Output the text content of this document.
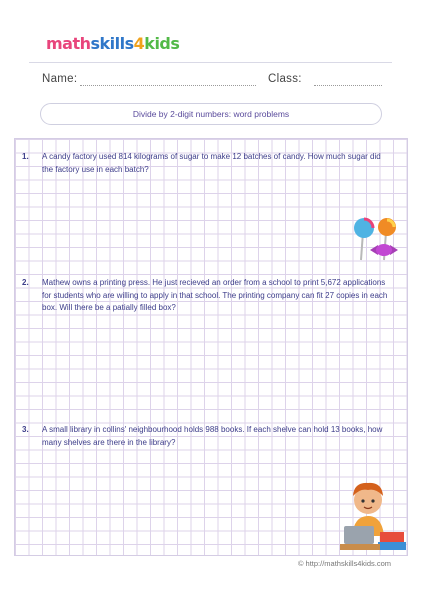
mathskills4kids
Name:	Class:
Divide by 2-digit numbers: word problems
1. A candy factory used 814 kilograms of sugar to make 12 batches of candy. How much sugar did the factory use in each batch?
2. Mathew owns a printing press. He just recieved an order from a school to print 5,672 applications for students who are willing to apply in that school. The printing company can fit 27 copies in each box. Will there be a patially filled box?
3. A small library in collins' neighbourhood holds 988 books. If each shelve can hold 13 books, how many shelves are there in the library?
© http://mathskills4kids.com
